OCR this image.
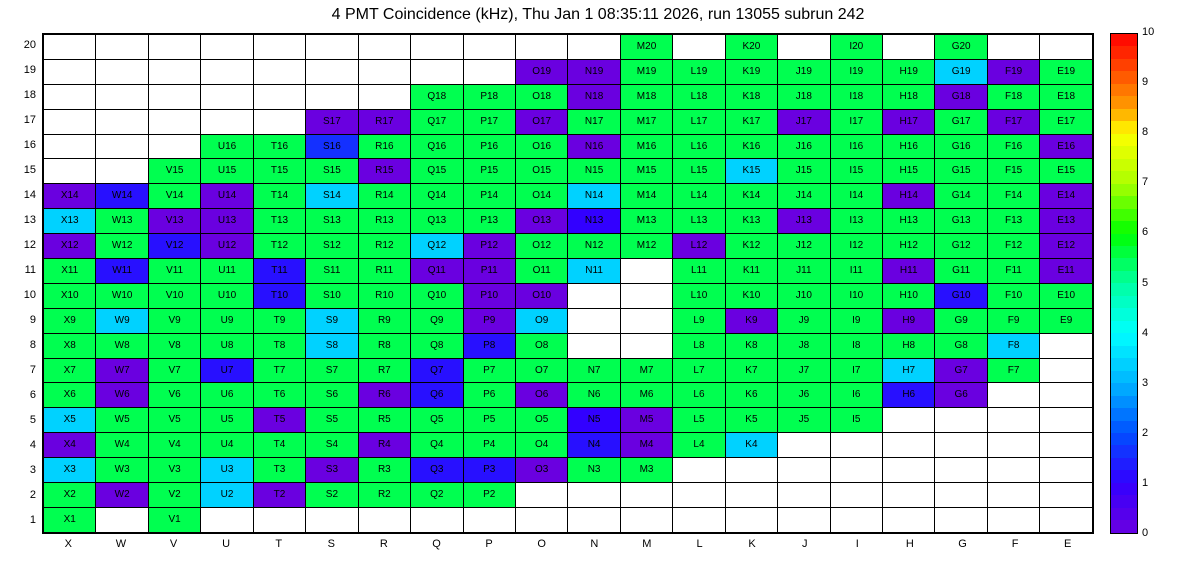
4 PMT Coincidence (kHz), Thu Jan 1 08:35:11 2026, run 13055 subrun 242
											M20		K20		I20		G20		
									O19	N19	M19	L19	K19	J19	I19	H19	G19	F19	E19
							Q18	P18	O18	N18	M18	L18	K18	J18	I18	H18	G18	F18	E18
					S17	R17	Q17	P17	O17	N17	M17	L17	K17	J17	I17	H17	G17	F17	E17
			U16	T16	S16	R16	Q16	P16	O16	N16	M16	L16	K16	J16	I16	H16	G16	F16	E16
		V15	U15	T15	S15	R15	Q15	P15	O15	N15	M15	L15	K15	J15	I15	H15	G15	F15	E15
X14	W14	V14	U14	T14	S14	R14	Q14	P14	O14	N14	M14	L14	K14	J14	I14	H14	G14	F14	E14
X13	W13	V13	U13	T13	S13	R13	Q13	P13	O13	N13	M13	L13	K13	J13	I13	H13	G13	F13	E13
X12	W12	V12	U12	T12	S12	R12	Q12	P12	O12	N12	M12	L12	K12	J12	I12	H12	G12	F12	E12
X11	W11	V11	U11	T11	S11	R11	Q11	P11	O11	N11		L11	K11	J11	I11	H11	G11	F11	E11
X10	W10	V10	U10	T10	S10	R10	Q10	P10	O10			L10	K10	J10	I10	H10	G10	F10	E10
X9	W9	V9	U9	T9	S9	R9	Q9	P9	O9			L9	K9	J9	I9	H9	G9	F9	E9
X8	W8	V8	U8	T8	S8	R8	Q8	P8	O8			L8	K8	J8	I8	H8	G8	F8	
X7	W7	V7	U7	T7	S7	R7	Q7	P7	O7	N7	M7	L7	K7	J7	I7	H7	G7	F7	
X6	W6	V6	U6	T6	S6	R6	Q6	P6	O6	N6	M6	L6	K6	J6	I6	H6	G6		
X5	W5	V5	U5	T5	S5	R5	Q5	P5	O5	N5	M5	L5	K5	J5	I5				
X4	W4	V4	U4	T4	S4	R4	Q4	P4	O4	N4	M4	L4	K4						
X3	W3	V3	U3	T3	S3	R3	Q3	P3	O3	N3	M3								
X2	W2	V2	U2	T2	S2	R2	Q2	P2											
X1		V1																	
20
19
18
17
16
15
14
13
12
11
10
9
8
7
6
5
4
3
2
1
X	W	V	U	T	S	R	Q	P	O	N	M	L	K	J	I	H	G	F	E
0
1
2
3
4
5
6
7
8
9
10
